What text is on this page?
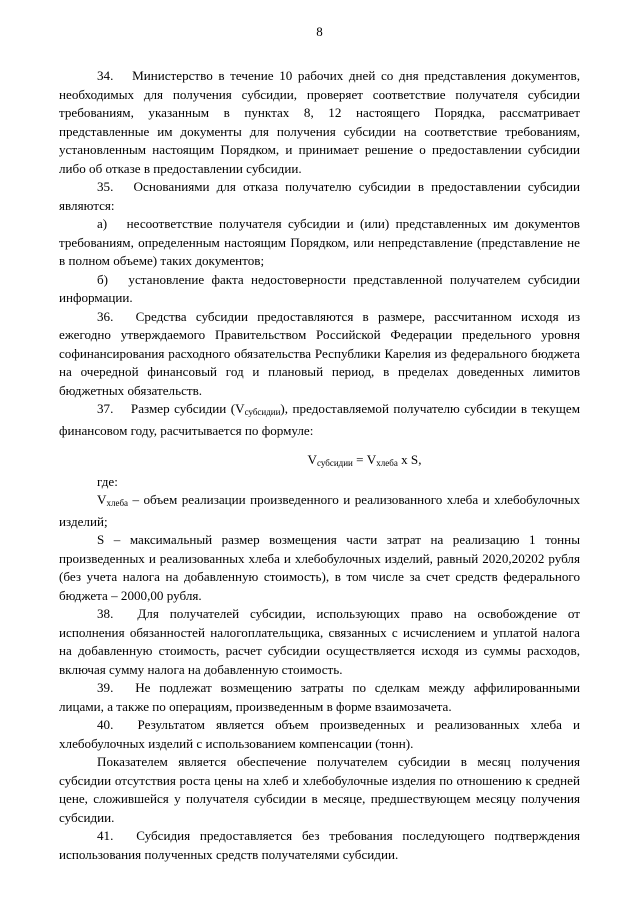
8

34.  Министерство в течение 10 рабочих дней со дня представления документов, необходимых для получения субсидии, проверяет соответствие получателя субсидии требованиям, указанным в пунктах 8, 12 настоящего Порядка, рассматривает представленные им документы для получения субсидии на соответствие требованиям, установленным настоящим Порядком, и принимает решение о предоставлении субсидии либо об отказе в предоставлении субсидии.

35.  Основаниями для отказа получателю субсидии в предоставлении субсидии являются:

а)  несоответствие получателя субсидии и (или) представленных им документов требованиям, определенным настоящим Порядком, или непредставление (представление не в полном объеме) таких документов;

б)  установление факта недостоверности представленной получателем субсидии информации.

36.  Средства субсидии предоставляются в размере, рассчитанном исходя из ежегодно утверждаемого Правительством Российской Федерации предельного уровня софинансирования расходного обязательства Республики Карелия из федерального бюджета на очередной финансовый год и плановый период, в пределах доведенных лимитов бюджетных обязательств.

37.  Размер субсидии $(V_{субсидии})$, предоставляемой получателю субсидии в текущем финансовом году, расчитывается по формуле:

$V_{субсидии} = V_{хлеба}$ x S,

где:

$V_{хлеба}$ – объем реализации произведенного и реализованного хлеба и хлебобулочных изделий;

S – максимальный размер возмещения части затрат на реализацию 1 тонны произведенных и реализованных хлеба и хлебобулочных изделий, равный 2020,20202 рубля (без учета налога на добавленную стоимость), в том числе за счет средств федерального бюджета – 2000,00 рубля.

38.  Для получателей субсидии, использующих право на освобождение от исполнения обязанностей налогоплательщика, связанных с исчислением и уплатой налога на добавленную стоимость, расчет субсидии осуществляется исходя из суммы расходов, включая сумму налога на добавленную стоимость.

39.  Не подлежат возмещению затраты по сделкам между аффилированными лицами, а также по операциям, произведенным в форме взаимозачета.

40.  Результатом является объем произведенных и реализованных хлеба и хлебобулочных изделий с использованием компенсации (тонн).

Показателем является обеспечение получателем субсидии в месяц получения субсидии отсутствия роста цены на хлеб и хлебобулочные изделия по отношению к средней цене, сложившейся у получателя субсидии в месяце, предшествующем месяцу получения субсидии.

41.  Субсидия предоставляется без требования последующего подтверждения использования полученных средств получателями субсидии.
